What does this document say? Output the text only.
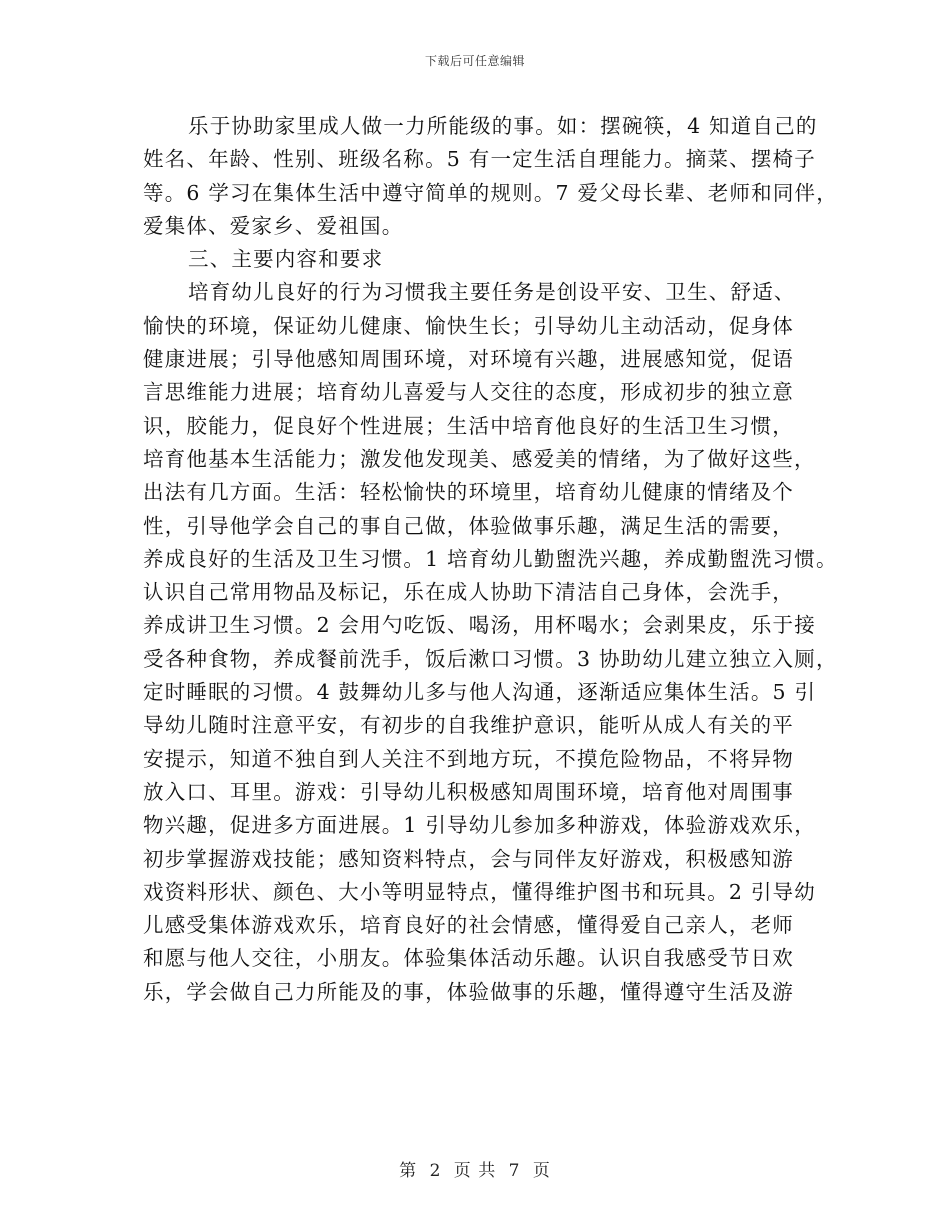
下载后可任意编辑
乐于协助家里成人做一力所能级的事。如：摆碗筷，4 知道自己的
姓名、年龄、性别、班级名称。5 有一定生活自理能力。摘菜、摆椅子
等。6 学习在集体生活中遵守简单的规则。7 爱父母长辈、老师和同伴，
爱集体、爱家乡、爱祖国。
三、主要内容和要求
培育幼儿良好的行为习惯我主要任务是创设平安、卫生、舒适、
愉快的环境，保证幼儿健康、愉快生长；引导幼儿主动活动，促身体
健康进展；引导他感知周围环境，对环境有兴趣，进展感知觉，促语
言思维能力进展；培育幼儿喜爱与人交往的态度，形成初步的独立意
识，胶能力，促良好个性进展；生活中培育他良好的生活卫生习惯，
培育他基本生活能力；激发他发现美、感爱美的情绪，为了做好这些，
出法有几方面。生活：轻松愉快的环境里，培育幼儿健康的情绪及个
性，引导他学会自己的事自己做，体验做事乐趣，满足生活的需要，
养成良好的生活及卫生习惯。1 培育幼儿勤盥洗兴趣，养成勤盥洗习惯。
认识自己常用物品及标记，乐在成人协助下清洁自己身体，会洗手，
养成讲卫生习惯。2 会用勺吃饭、喝汤，用杯喝水；会剥果皮，乐于接
受各种食物，养成餐前洗手，饭后漱口习惯。3 协助幼儿建立独立入厕，
定时睡眠的习惯。4 鼓舞幼儿多与他人沟通，逐渐适应集体生活。5 引
导幼儿随时注意平安，有初步的自我维护意识，能听从成人有关的平
安提示，知道不独自到人关注不到地方玩，不摸危险物品，不将异物
放入口、耳里。游戏：引导幼儿积极感知周围环境，培育他对周围事
物兴趣，促进多方面进展。1 引导幼儿参加多种游戏，体验游戏欢乐，
初步掌握游戏技能；感知资料特点，会与同伴友好游戏，积极感知游
戏资料形状、颜色、大小等明显特点，懂得维护图书和玩具。2 引导幼
儿感受集体游戏欢乐，培育良好的社会情感，懂得爱自己亲人，老师
和愿与他人交往，小朋友。体验集体活动乐趣。认识自我感受节日欢
乐，学会做自己力所能及的事，体验做事的乐趣，懂得遵守生活及游
第 2 页 共 7 页
